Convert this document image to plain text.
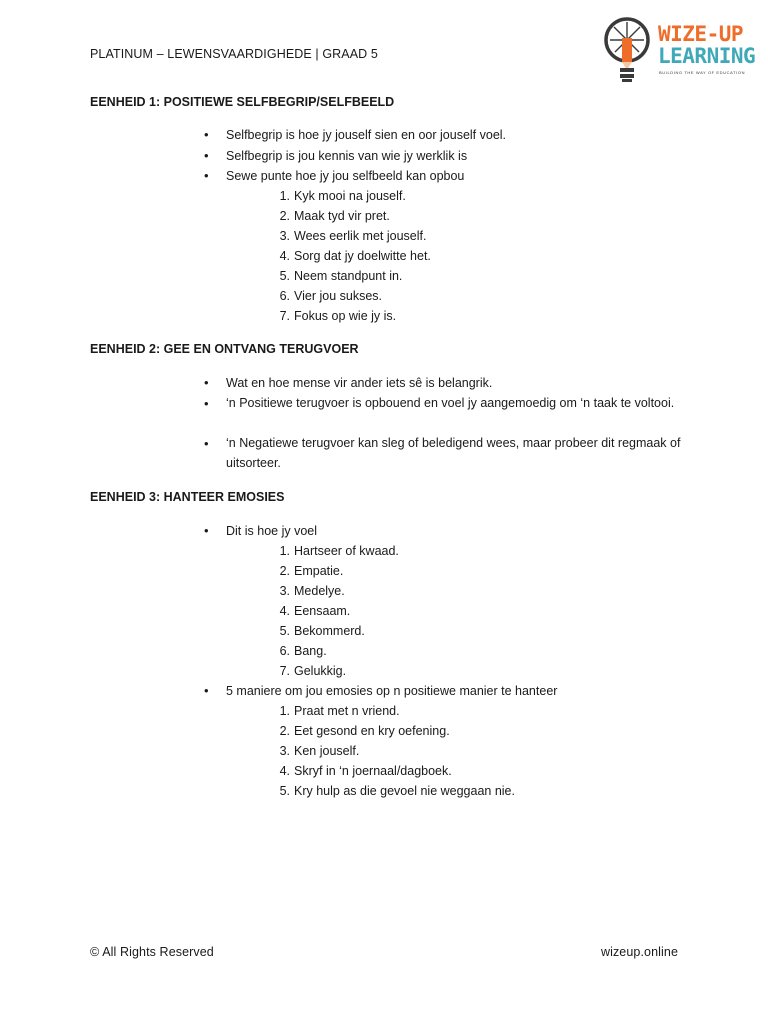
PLATINUM – LEWENSVAARDIGHEDE | GRAAD 5
WIZE-UP
LEARNING
BUILDING THE WAY OF EDUCATION
EENHEID 1: POSITIEWE SELFBEGRIP/SELFBEELD
• Selfbegrip is hoe jy jouself sien en oor jouself voel.
• Selfbegrip is jou kennis van wie jy werklik is
• Sewe punte hoe jy jou selfbeeld kan opbou
1. Kyk mooi na jouself.
2. Maak tyd vir pret.
3. Wees eerlik met jouself.
4. Sorg dat jy doelwitte het.
5. Neem standpunt in.
6. Vier jou sukses.
7. Fokus op wie jy is.
EENHEID 2: GEE EN ONTVANG TERUGVOER
• Wat en hoe mense vir ander iets sê is belangrik.
• ‘n Positiewe terugvoer is opbouend en voel jy aangemoedig om ‘n taak te voltooi.
• ‘n Negatiewe terugvoer kan sleg of beledigend wees, maar probeer dit regmaak of uitsorteer.
EENHEID 3: HANTEER EMOSIES
• Dit is hoe jy voel
1. Hartseer of kwaad.
2. Empatie.
3. Medelye.
4. Eensaam.
5. Bekommerd.
6. Bang.
7. Gelukkig.
• 5 maniere om jou emosies op n positiewe manier te hanteer
1. Praat met n vriend.
2. Eet gesond en kry oefening.
3. Ken jouself.
4. Skryf in ‘n joernaal/dagboek.
5. Kry hulp as die gevoel nie weggaan nie.
© All Rights Reserved	wizeup.online
